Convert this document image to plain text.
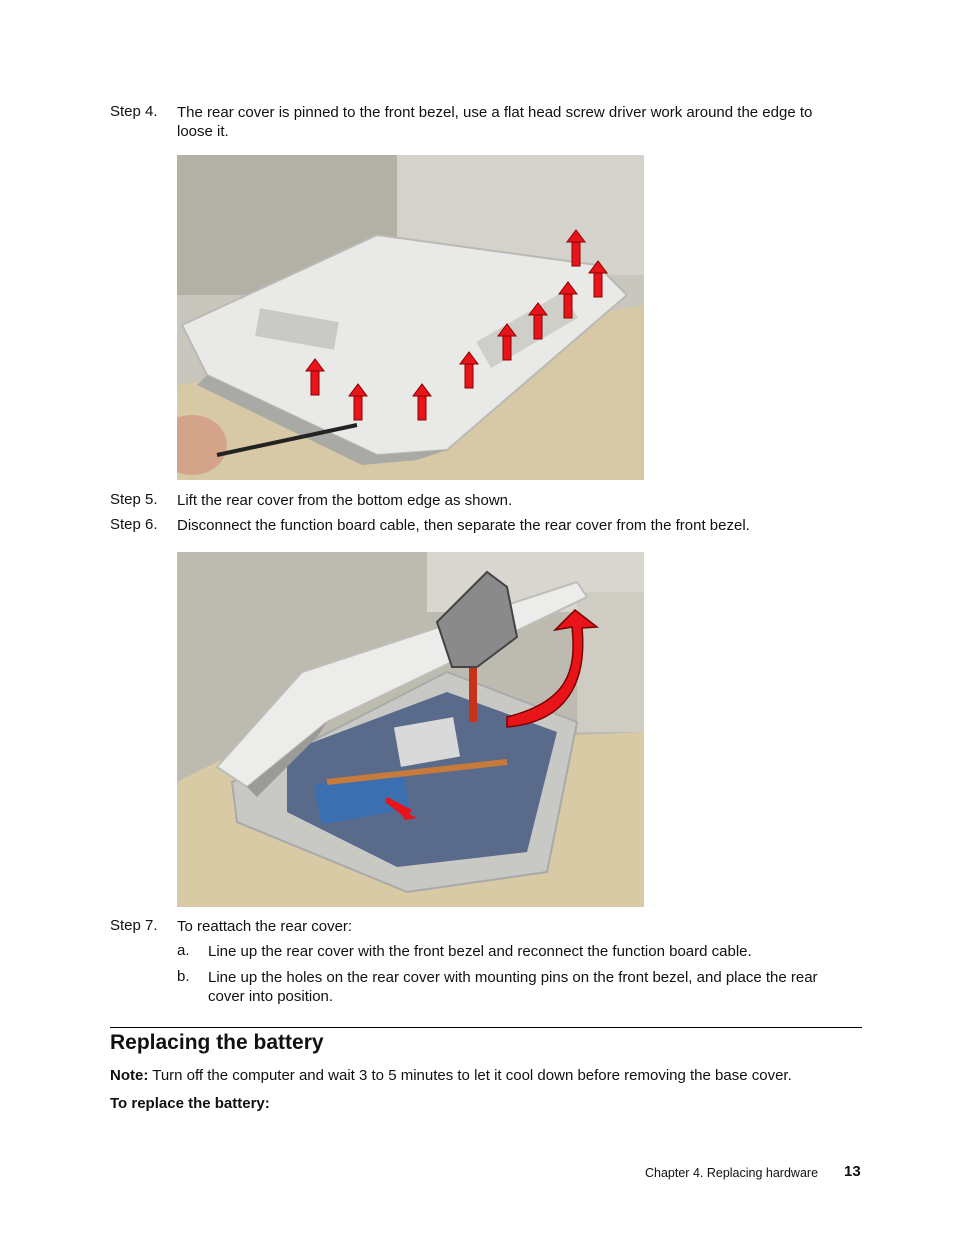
Step 4.	The rear cover is pinned to the front bezel, use a flat head screw driver work around the edge to loose it.
Step 5.	Lift the rear cover from the bottom edge as shown.
Step 6.	Disconnect the function board cable, then separate the rear cover from the front bezel.
Step 7.	To reattach the rear cover:
a.	Line up the rear cover with the front bezel and reconnect the function board cable.
b.	Line up the holes on the rear cover with mounting pins on the front bezel, and place the rear cover into position.
Replacing the battery
Note: Turn off the computer and wait 3 to 5 minutes to let it cool down before removing the base cover.
To replace the battery:
Chapter 4. Replacing hardware 13
